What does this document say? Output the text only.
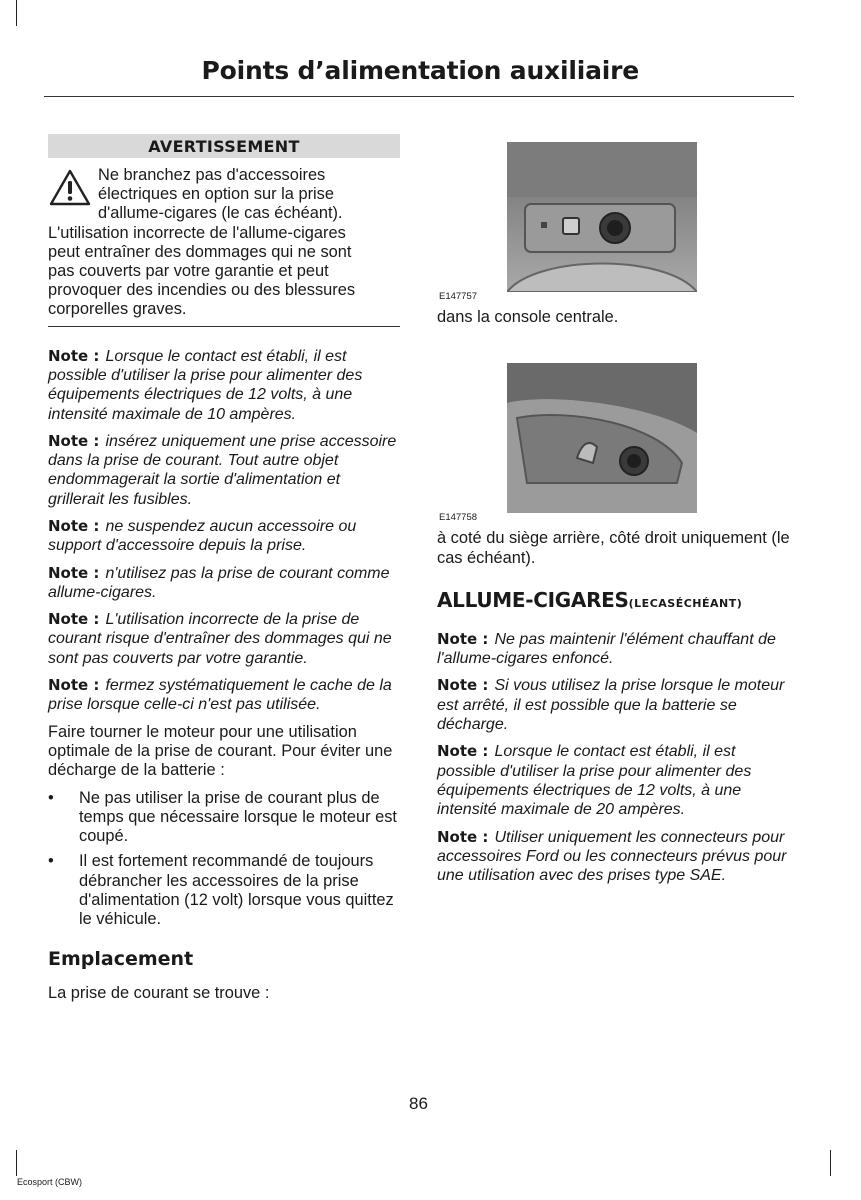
Points d’alimentation auxiliaire
AVERTISSEMENT
Ne branchez pas d'accessoires
électriques en option sur la prise
d'allume-cigares (le cas échéant).
L'utilisation incorrecte de l'allume-cigares
peut entraîner des dommages qui ne sont
pas couverts par votre garantie et peut
provoquer des incendies ou des blessures
corporelles graves.

Note : Lorsque le contact est établi, il est possible d'utiliser la prise pour alimenter des équipements électriques de 12 volts, à une intensité maximale de 10 ampères.

Note : insérez uniquement une prise accessoire dans la prise de courant. Tout autre objet endommagerait la sortie d'alimentation et grillerait les fusibles.

Note : ne suspendez aucun accessoire ou support d'accessoire depuis la prise.

Note : n'utilisez pas la prise de courant comme allume-cigares.

Note : L'utilisation incorrecte de la prise de courant risque d'entraîner des dommages qui ne sont pas couverts par votre garantie.

Note : fermez systématiquement le cache de la prise lorsque celle-ci n'est pas utilisée.

Faire tourner le moteur pour une utilisation optimale de la prise de courant. Pour éviter une décharge de la batterie :

• Ne pas utiliser la prise de courant plus de temps que nécessaire lorsque le moteur est coupé.
• Il est fortement recommandé de toujours débrancher les accessoires de la prise d'alimentation (12 volt) lorsque vous quittez le véhicule.
Emplacement

La prise de courant se trouve :

E147757

dans la console centrale.

E147758

à coté du siège arrière, côté droit uniquement (le cas échéant).

ALLUME-CIGARES(LECASÉCHÉANT)

Note : Ne pas maintenir l'élément chauffant de l'allume-cigares enfoncé.

Note : Si vous utilisez la prise lorsque le moteur est arrêté, il est possible que la batterie se décharge.

Note : Lorsque le contact est établi, il est possible d'utiliser la prise pour alimenter des équipements électriques de 12 volts, à une intensité maximale de 20 ampères.

Note : Utiliser uniquement les connecteurs pour accessoires Ford ou les connecteurs prévus pour une utilisation avec des prises type SAE.

86
Ecosport (CBW)
